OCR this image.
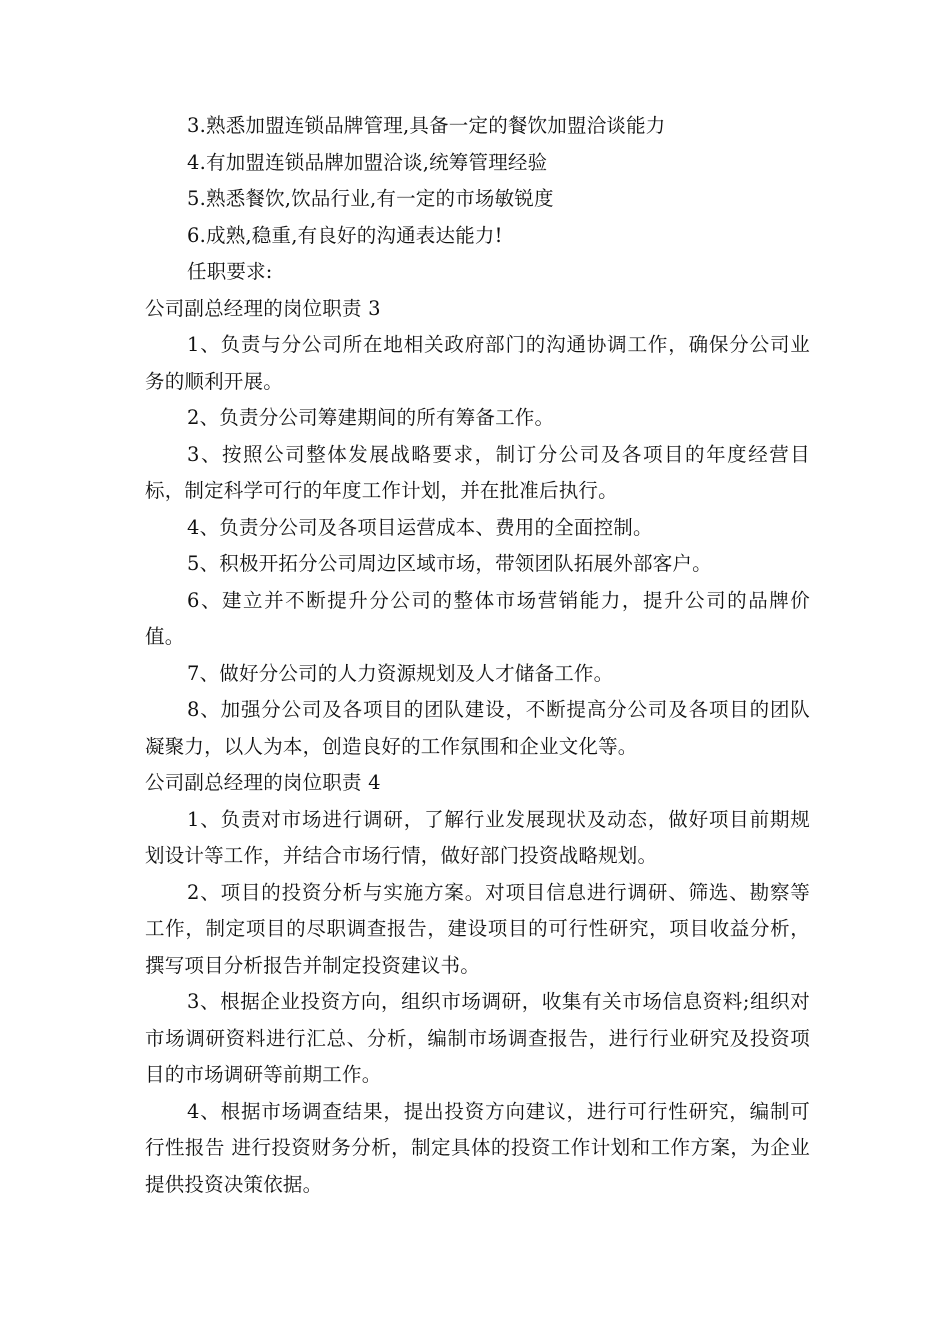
3.熟悉加盟连锁品牌管理,具备一定的餐饮加盟洽谈能力

4.有加盟连锁品牌加盟洽谈,统筹管理经验

5.熟悉餐饮,饮品行业,有一定的市场敏锐度

6.成熟,稳重,有良好的沟通表达能力!

任职要求:

公司副总经理的岗位职责 3

1、负责与分公司所在地相关政府部门的沟通协调工作，确保分公司业务的顺利开展。

2、负责分公司筹建期间的所有筹备工作。

3、按照公司整体发展战略要求，制订分公司及各项目的年度经营目标，制定科学可行的年度工作计划，并在批准后执行。

4、负责分公司及各项目运营成本、费用的全面控制。

5、积极开拓分公司周边区域市场，带领团队拓展外部客户。

6、建立并不断提升分公司的整体市场营销能力，提升公司的品牌价值。

7、做好分公司的人力资源规划及人才储备工作。

8、加强分公司及各项目的团队建设，不断提高分公司及各项目的团队凝聚力，以人为本，创造良好的工作氛围和企业文化等。

公司副总经理的岗位职责 4

1、负责对市场进行调研，了解行业发展现状及动态，做好项目前期规划设计等工作，并结合市场行情，做好部门投资战略规划。

2、项目的投资分析与实施方案。对项目信息进行调研、筛选、勘察等工作，制定项目的尽职调查报告，建设项目的可行性研究，项目收益分析，撰写项目分析报告并制定投资建议书。

3、根据企业投资方向，组织市场调研，收集有关市场信息资料;组织对市场调研资料进行汇总、分析，编制市场调查报告，进行行业研究及投资项目的市场调研等前期工作。

4、根据市场调查结果，提出投资方向建议，进行可行性研究，编制可行性报告 进行投资财务分析，制定具体的投资工作计划和工作方案，为企业提供投资决策依据。
